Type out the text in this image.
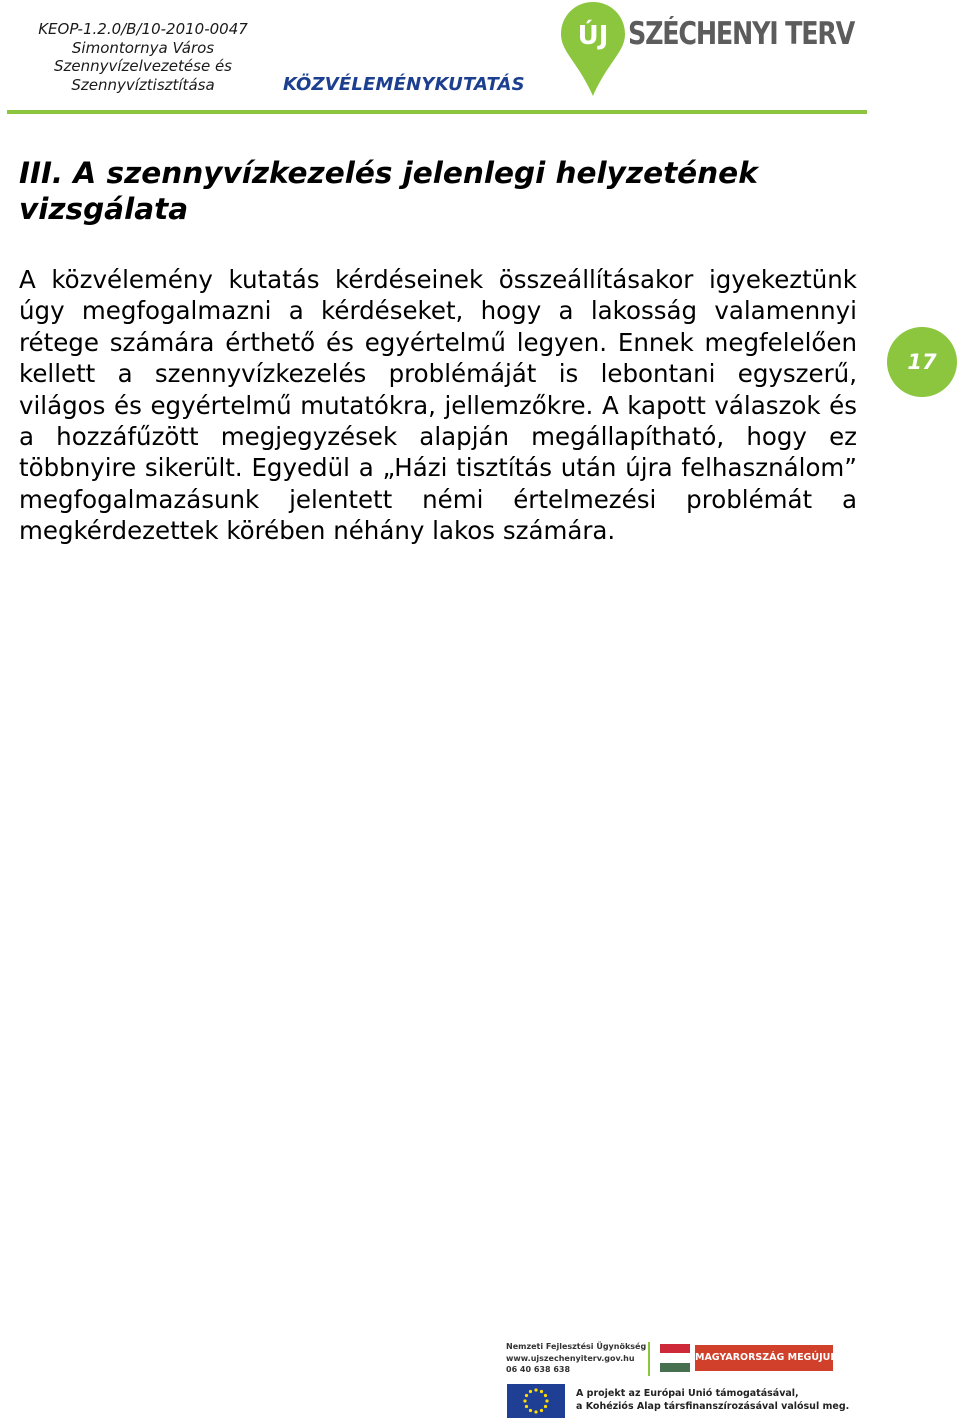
KEOP-1.2.0/B/10-2010-0047
Simontornya Város
Szennyvízelvezetése és
Szennyvíztisztítása	KÖZVÉLEMÉNYKUTATÁS
ÚJ SZÉCHENYI TERV
III. A szennyvízkezelés jelenlegi helyzetének vizsgálata

A közvélemény kutatás kérdéseinek összeállításakor igyekeztünk úgy megfogalmazni a kérdéseket, hogy a lakosság valamennyi rétege számára érthető és egyértelmű legyen. Ennek megfelelően kellett a szennyvízkezelés problémáját is lebontani egyszerű, világos és egyértelmű mutatókra, jellemzőkre. A kapott válaszok és a hozzáfűzött megjegyzések alapján megállapítható, hogy ez többnyire sikerült. Egyedül a „Házi tisztítás után újra felhasználom” megfogalmazásunk jelentett némi értelmezési problémát a megkérdezettek körében néhány lakos számára.

17
Nemzeti Fejlesztési Ügynökség
www.ujszechenyiterv.gov.hu
06 40 638 638
MAGYARORSZÁG MEGÚJUL
A projekt az Európai Unió támogatásával,
a Kohéziós Alap társfinanszírozásával valósul meg.
